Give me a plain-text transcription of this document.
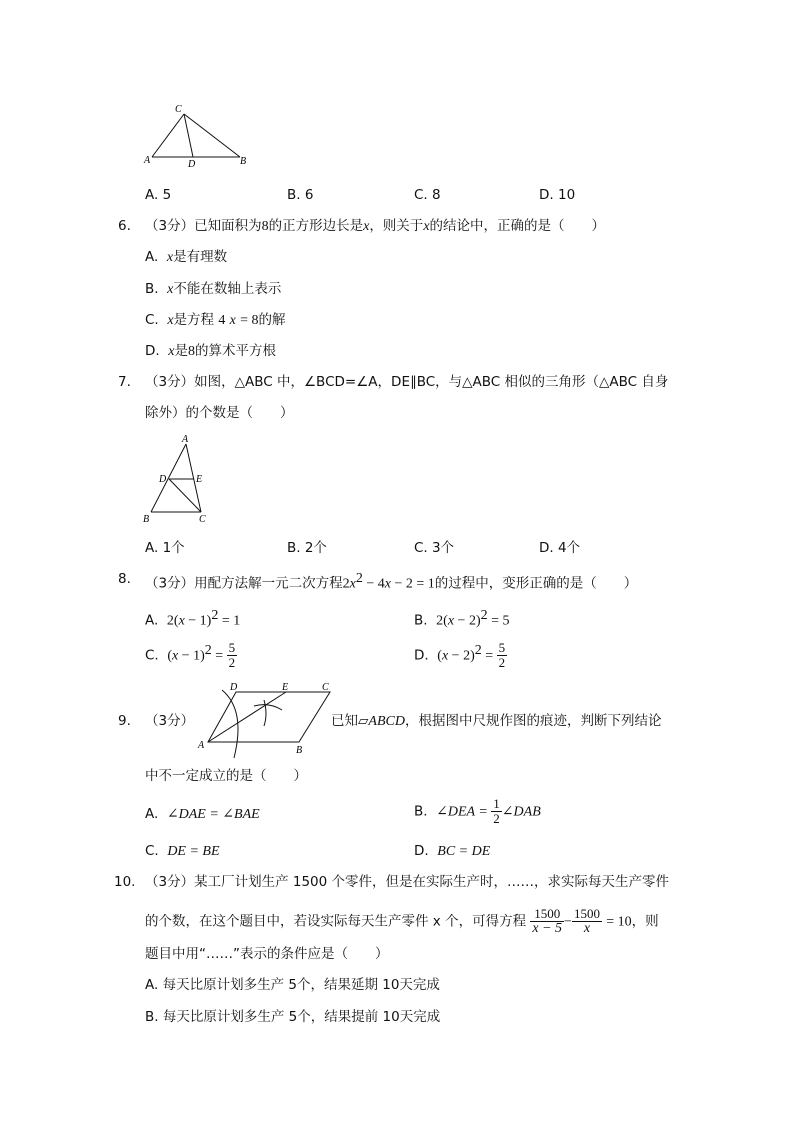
C
A	D	B
A. 5	B. 6	C. 8	D. 10
6. （3分）已知面积为8的正方形边长是x，则关于x的结论中，正确的是（　　）
A. x是有理数
B. x不能在数轴上表示
C. x是方程 4 x = 8的解
D. x是8的算术平方根
7. （3分）如图，△ABC 中，∠BCD=∠A，DE∥BC，与△ABC 相似的三角形（△ABC 自身
除外）的个数是（　　）
A
D	E
B	C
A. 1个	B. 2个	C. 3个	D. 4个
8. （3分）用配方法解一元二次方程$2x^2 - 4x - 2 = 1$的过程中，变形正确的是（　　）
A. $2(x - 1)^2 = 1$	B. $2(x - 2)^2 = 5$
C. $(x - 1)^2 = \frac{5}{2}$	D. $(x - 2)^2 = \frac{5}{2}$
9. （3分）
D	E	C
A	B
已知▱ABCD，根据图中尺规作图的痕迹，判断下列结论
中不一定成立的是（　　）
A. ∠DAE = ∠BAE	B. ∠DEA = $\frac{1}{2}$ ∠DAB
C. DE = BE	D. BC = DE
10. （3分）某工厂计划生产 1500 个零件，但是在实际生产时，……，求实际每天生产零件
的个数，在这个题目中，若设实际每天生产零件 x 个，可得方程 $\frac{1500}{x - 5} - \frac{1500}{x} = 10$，则
题目中用“……”表示的条件应是（　　）
A. 每天比原计划多生产 5个，结果延期 10天完成
B. 每天比原计划多生产 5个，结果提前 10天完成
